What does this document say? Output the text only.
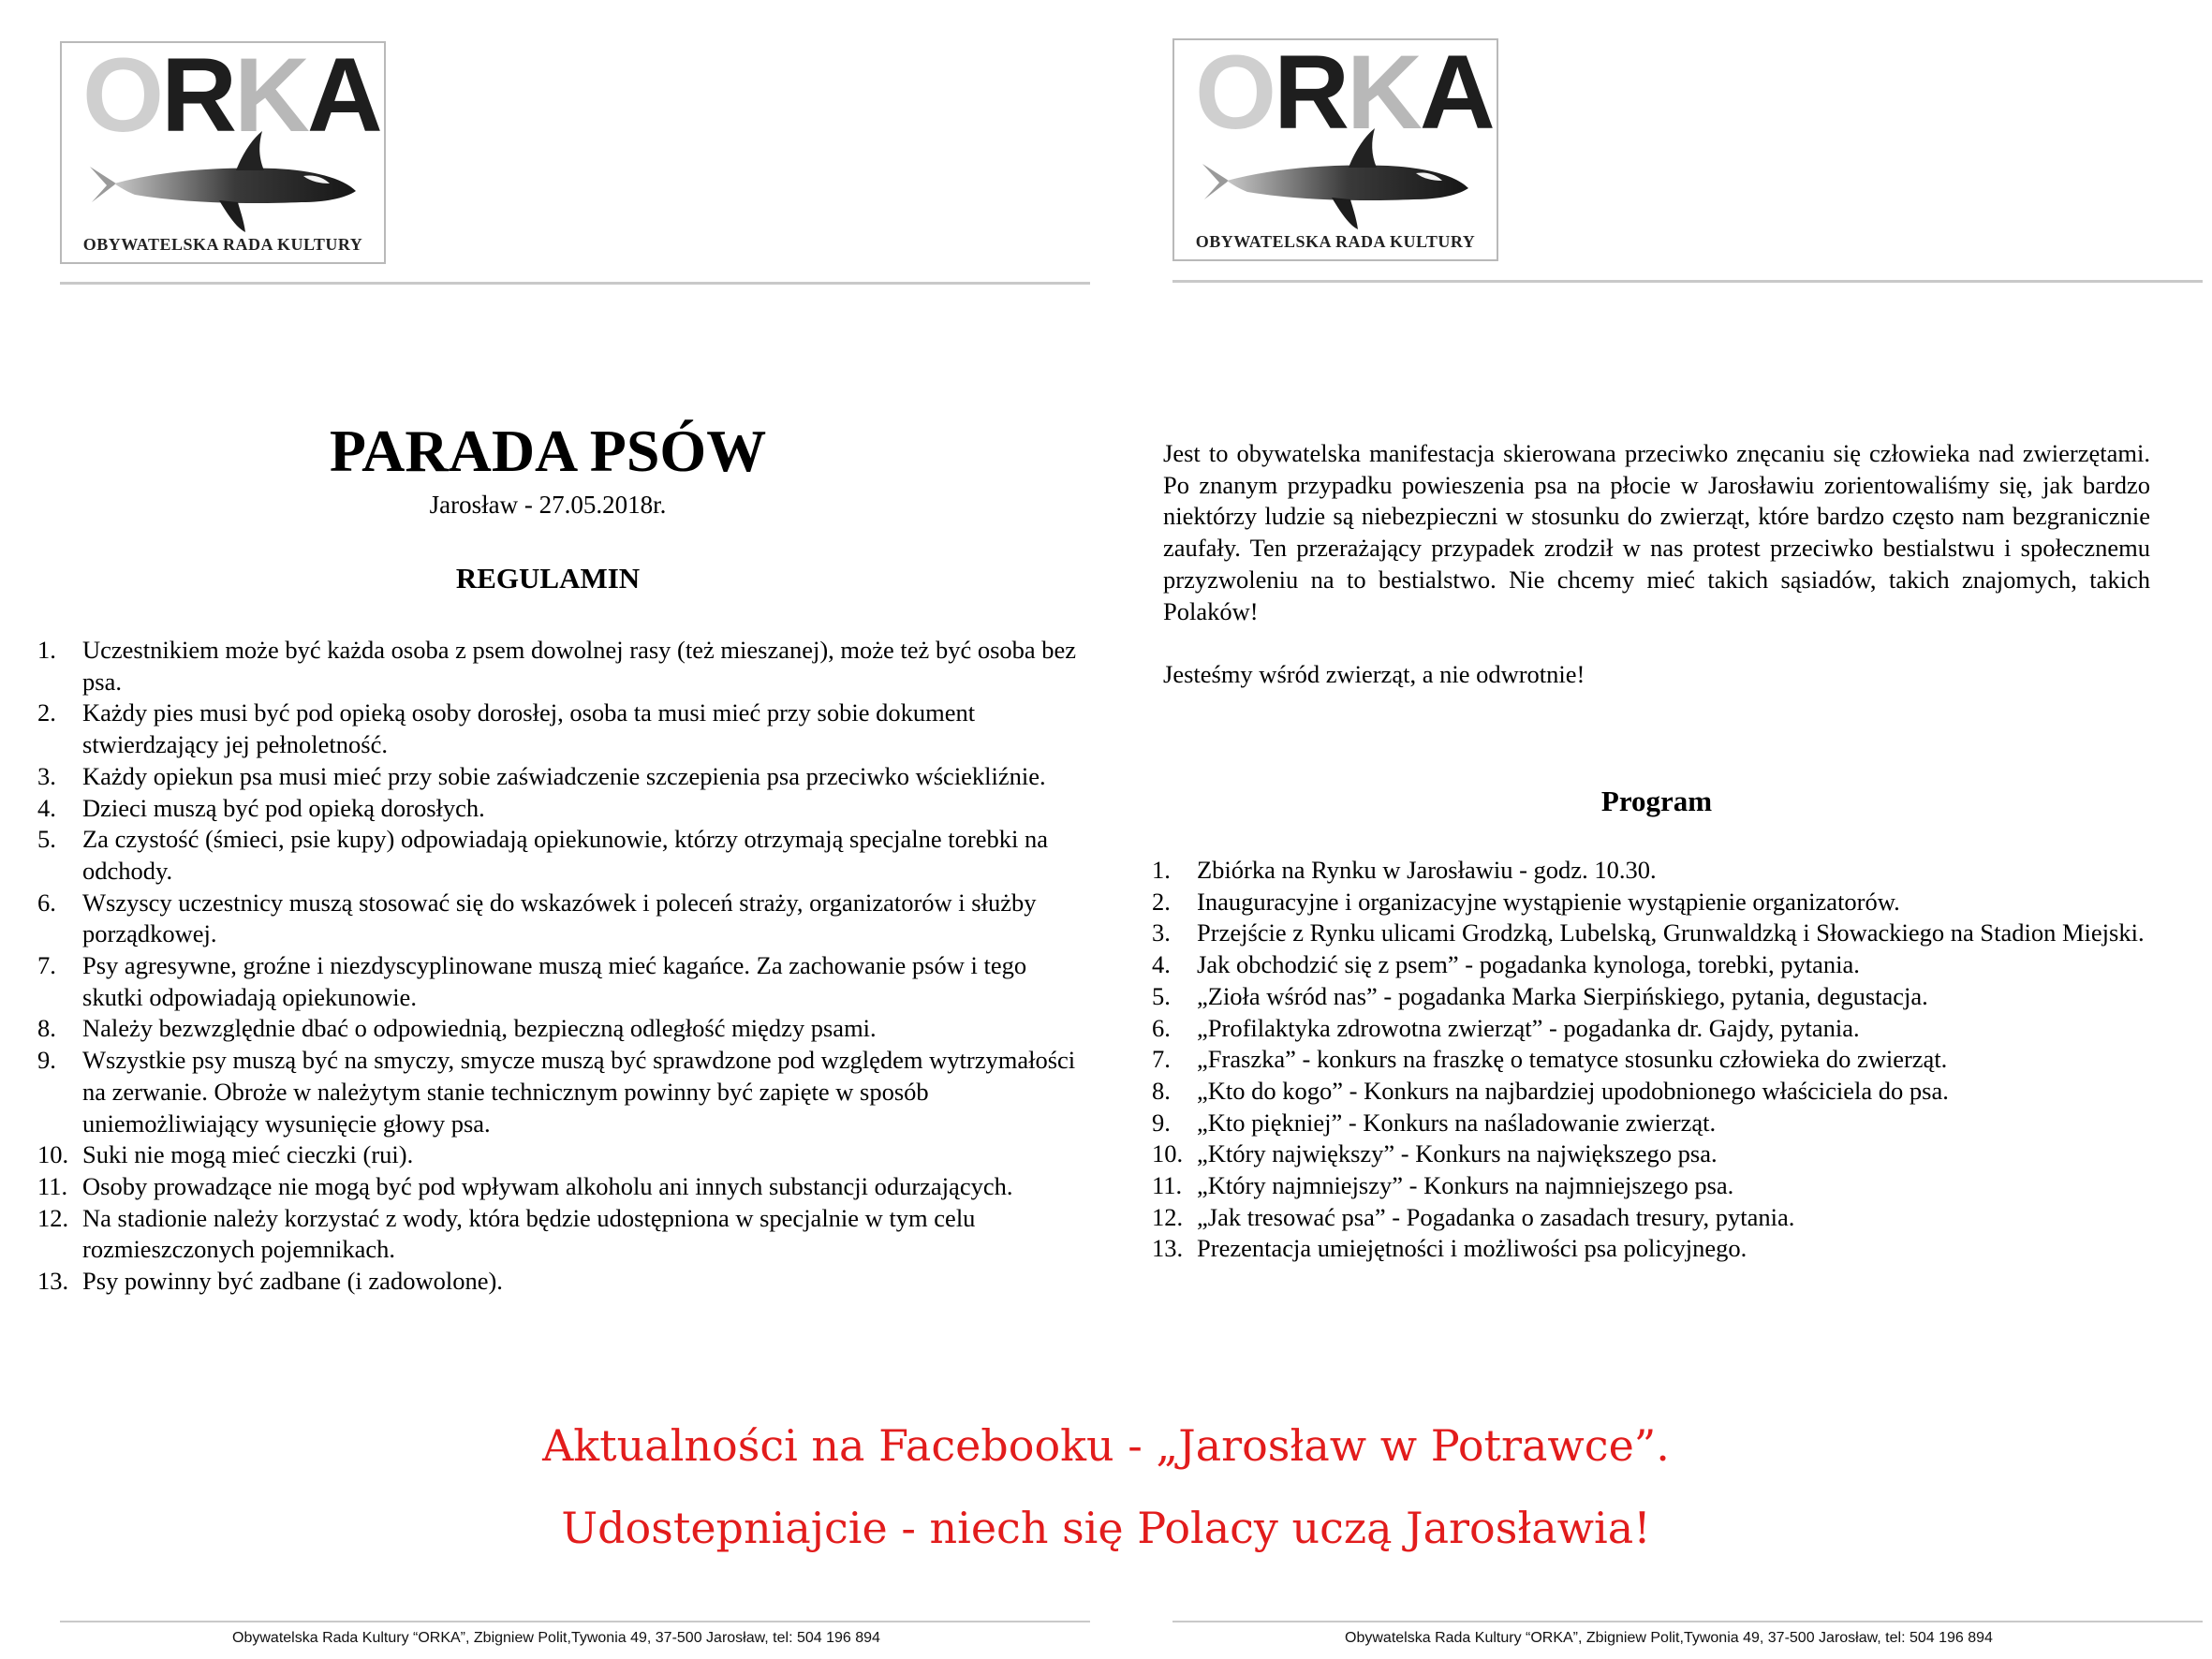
ORKA
OBYWATELSKA RADA KULTURY
ORKA
OBYWATELSKA RADA KULTURY
PARADA PSÓW
Jarosław - 27.05.2018r.
REGULAMIN
1.	Uczestnikiem może być każda osoba z psem dowolnej rasy (też mieszanej), może też być osoba bez psa.
2.	Każdy pies musi być pod opieką osoby dorosłej, osoba ta musi mieć przy sobie dokument stwierdzający jej pełnoletność.
3.	Każdy opiekun psa musi mieć przy sobie zaświadczenie szczepienia psa przeciwko wściekliźnie.
4.	Dzieci muszą być pod opieką dorosłych.
5.	Za czystość (śmieci, psie kupy) odpowiadają opiekunowie, którzy otrzymają specjalne torebki na odchody.
6.	Wszyscy uczestnicy muszą stosować się do wskazówek i poleceń straży, organizatorów i służby porządkowej.
7.	Psy agresywne, groźne i niezdyscyplinowane muszą mieć kagańce. Za zachowanie psów i tego skutki odpowiadają opiekunowie.
8.	Należy bezwzględnie dbać o odpowiednią, bezpieczną odległość między psami.
9.	Wszystkie psy muszą być na smyczy, smycze muszą być sprawdzone pod względem wytrzymałości na zerwanie. Obroże w należytym stanie technicznym powinny być zapięte w sposób uniemożliwiający wysunięcie głowy psa.
10. Suki nie mogą mieć cieczki (rui).
11. Osoby prowadzące nie mogą być pod wpływam alkoholu ani innych substancji odurzających.
12. Na stadionie należy korzystać z wody, która będzie udostępniona w specjalnie w tym celu rozmieszczonych pojemnikach.
13. Psy powinny być zadbane (i zadowolone).
Jest to obywatelska manifestacja skierowana przeciwko znęcaniu się człowieka nad zwierzętami. Po znanym przypadku powieszenia psa na płocie w Jarosławiu zorientowaliśmy się, jak bardzo niektórzy ludzie są niebezpieczni w stosunku do zwierząt, które bardzo często nam bezgranicznie zaufały. Ten przerażający przypadek zrodził w nas protest przeciwko bestialstwu i społecznemu przyzwoleniu na to bestialstwo. Nie chcemy mieć takich sąsiadów, takich znajomych, takich Polaków!
Jesteśmy wśród zwierząt, a nie odwrotnie!
Program
1.	Zbiórka na Rynku w Jarosławiu - godz. 10.30.
2.	Inauguracyjne i organizacyjne wystąpienie wystąpienie organizatorów.
3.	Przejście z Rynku ulicami Grodzką, Lubelską, Grunwaldzką i Słowackiego na Stadion Miejski.
4.	Jak obchodzić się z psem” - pogadanka kynologa, torebki, pytania.
5.	„Zioła wśród nas” - pogadanka Marka Sierpińskiego, pytania, degustacja.
6.	„Profilaktyka zdrowotna zwierząt” - pogadanka dr. Gajdy, pytania.
7.	„Fraszka” - konkurs na fraszkę o tematyce stosunku człowieka do zwierząt.
8.	„Kto do kogo” - Konkurs na najbardziej upodobnionego właściciela do psa.
9.	„Kto piękniej” - Konkurs na naśladowanie zwierząt.
10. „Który największy” - Konkurs na największego psa.
11. „Który najmniejszy” - Konkurs na najmniejszego psa.
12. „Jak tresować psa” - Pogadanka o zasadach tresury, pytania.
13. Prezentacja umiejętności i możliwości psa policyjnego.
Aktualności na Facebooku - „Jarosław w Potrawce”.
Udostepniajcie - niech się Polacy uczą Jarosławia!
Obywatelska Rada Kultury “ORKA”, Zbigniew Polit,Tywonia 49, 37-500 Jarosław, tel: 504 196 894	Obywatelska Rada Kultury “ORKA”, Zbigniew Polit,Tywonia 49, 37-500 Jarosław, tel: 504 196 894
